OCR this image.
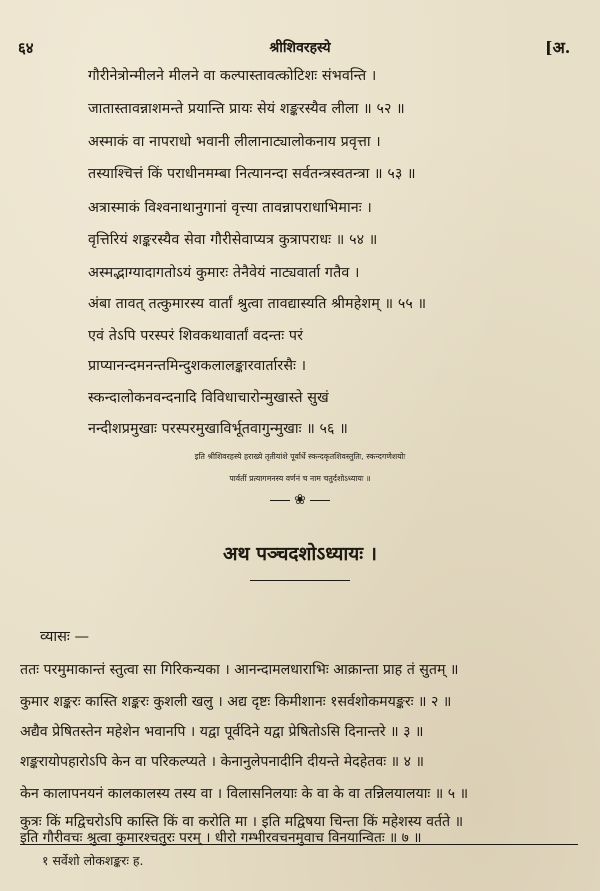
६४	श्रीशिवरहस्ये	[अ.
गौरीनेत्रोन्मीलने मीलने वा कल्पास्तावत्कोटिशः संभवन्ति ।
जातास्तावन्नाशमन्ते प्रयान्ति प्रायः सेयं शङ्करस्यैव लीला ॥ ५२ ॥
अस्माकं वा नापराधो भवानी लीलानाट्यालोकनाय प्रवृत्ता ।
तस्याश्चित्तं किं पराधीनमम्बा नित्यानन्दा सर्वतन्त्रस्वतन्त्रा ॥ ५३ ॥
अत्रास्माकं विश्वनाथानुगानां वृत्त्या तावन्नापराधाभिमानः ।
वृत्तिरियं शङ्करस्यैव सेवा गौरीसेवाप्यत्र कुत्रापराधः ॥ ५४ ॥
अस्मद्भाग्यादागतोऽयं कुमारः तेनैवेयं नाट्यवार्ता गतैव ।
अंबा तावत् तत्कुमारस्य वार्तां श्रुत्वा तावद्यास्यति श्रीमहेशम् ॥ ५५ ॥
एवं तेऽपि परस्परं शिवकथावार्तां वदन्तः परं
प्राप्यानन्दमनन्तमिन्दुशकलालङ्कारवार्तारसैः ।
स्कन्दालोकनवन्दनादि विविधाचारोन्मुखास्ते सुखं
नन्दीशप्रमुखाः परस्परमुखाविर्भूतवागुन्मुखाः ॥ ५६ ॥
इति श्रीशिवरहस्ये हराख्ये तृतीयांशे पूर्वार्धे स्कन्दकृतशिवस्तुतिः, स्कन्दगणेशयोः
पार्वतीं प्रत्यागमनस्य वर्णनं च नाम चतुर्दशोऽध्यायः ॥
❀
अथ पञ्चदशोऽध्यायः ।
व्यासः —
ततः परमुमाकान्तं स्तुत्वा सा गिरिकन्यका । आनन्दामलधाराभिः आक्रान्ता प्राह तं सुतम् ॥
कुमार शङ्करः कास्ति शङ्करः कुशली खलु । अद्य दृष्टः किमीशानः १सर्वशोकमयङ्करः ॥ २ ॥
अद्यैव प्रेषितस्तेन महेशेन भवानपि । यद्वा पूर्वदिने यद्वा प्रेषितोऽसि दिनान्तरे ॥ ३ ॥
शङ्करायोपहारोऽपि केन वा परिकल्प्यते । केनानुलेपनादीनि दीयन्ते मेदहेतवः ॥ ४ ॥
केन कालापनयनं कालकालस्य तस्य वा । विलासनिलयाः के वा के वा तन्निलयालयाः ॥ ५ ॥
कुत्रः किं मद्विचरोऽपि कास्ति किं वा करोति मा । इति मद्विषया चिन्ता किं महेशस्य वर्तते ॥
१ सर्वेशो लोकशङ्करः ह.
इति गौरीवचः श्रुत्वा कुमारश्चतुरः परम् । धीरो गम्भीरवचनमुवाच विनयान्वितः ॥ ७ ॥
